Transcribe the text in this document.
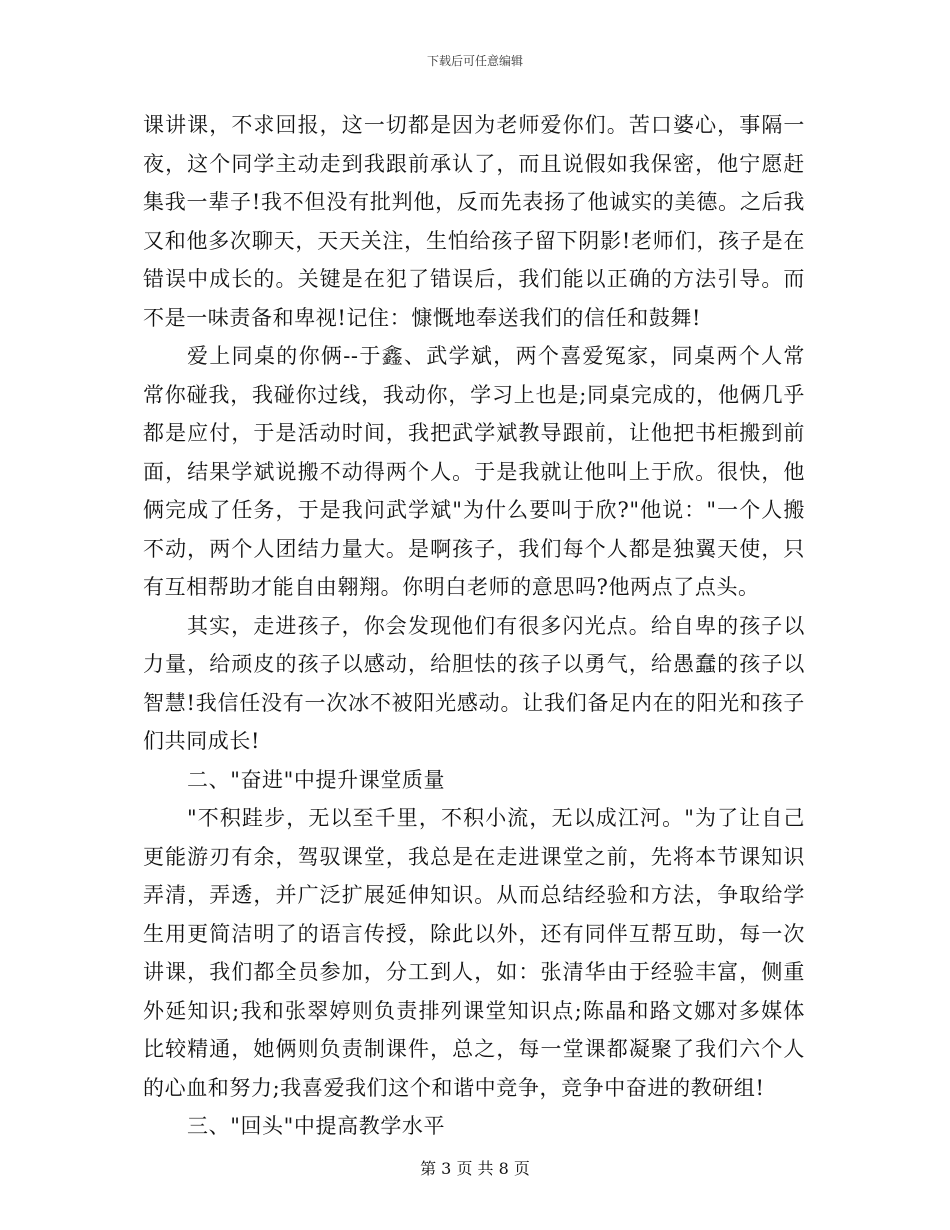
下载后可任意编辑

课讲课，不求回报，这一切都是因为老师爱你们。苦口婆心，事隔一夜，这个同学主动走到我跟前承认了，而且说假如我保密，他宁愿赶集我一辈子!我不但没有批判他，反而先表扬了他诚实的美德。之后我又和他多次聊天，天天关注，生怕给孩子留下阴影!老师们，孩子是在错误中成长的。关键是在犯了错误后，我们能以正确的方法引导。而不是一味责备和卑视!记住：慷慨地奉送我们的信任和鼓舞!

爱上同桌的你俩--于鑫、武学斌，两个喜爱冤家，同桌两个人常常你碰我，我碰你过线，我动你，学习上也是;同桌完成的，他俩几乎都是应付，于是活动时间，我把武学斌教导跟前，让他把书柜搬到前面，结果学斌说搬不动得两个人。于是我就让他叫上于欣。很快，他俩完成了任务，于是我问武学斌"为什么要叫于欣?"他说："一个人搬不动，两个人团结力量大。是啊孩子，我们每个人都是独翼天使，只有互相帮助才能自由翱翔。你明白老师的意思吗?他两点了点头。

其实，走进孩子，你会发现他们有很多闪光点。给自卑的孩子以力量，给顽皮的孩子以感动，给胆怯的孩子以勇气，给愚蠢的孩子以智慧!我信任没有一次冰不被阳光感动。让我们备足内在的阳光和孩子们共同成长!

二、"奋进"中提升课堂质量

"不积跬步，无以至千里，不积小流，无以成江河。"为了让自己更能游刃有余，驾驭课堂，我总是在走进课堂之前，先将本节课知识弄清，弄透，并广泛扩展延伸知识。从而总结经验和方法，争取给学生用更简洁明了的语言传授，除此以外，还有同伴互帮互助，每一次讲课，我们都全员参加，分工到人，如：张清华由于经验丰富，侧重外延知识;我和张翠婷则负责排列课堂知识点;陈晶和路文娜对多媒体比较精通，她俩则负责制课件，总之，每一堂课都凝聚了我们六个人的心血和努力;我喜爱我们这个和谐中竞争，竞争中奋进的教研组!

三、"回头"中提高教学水平

第 3 页 共 8 页
